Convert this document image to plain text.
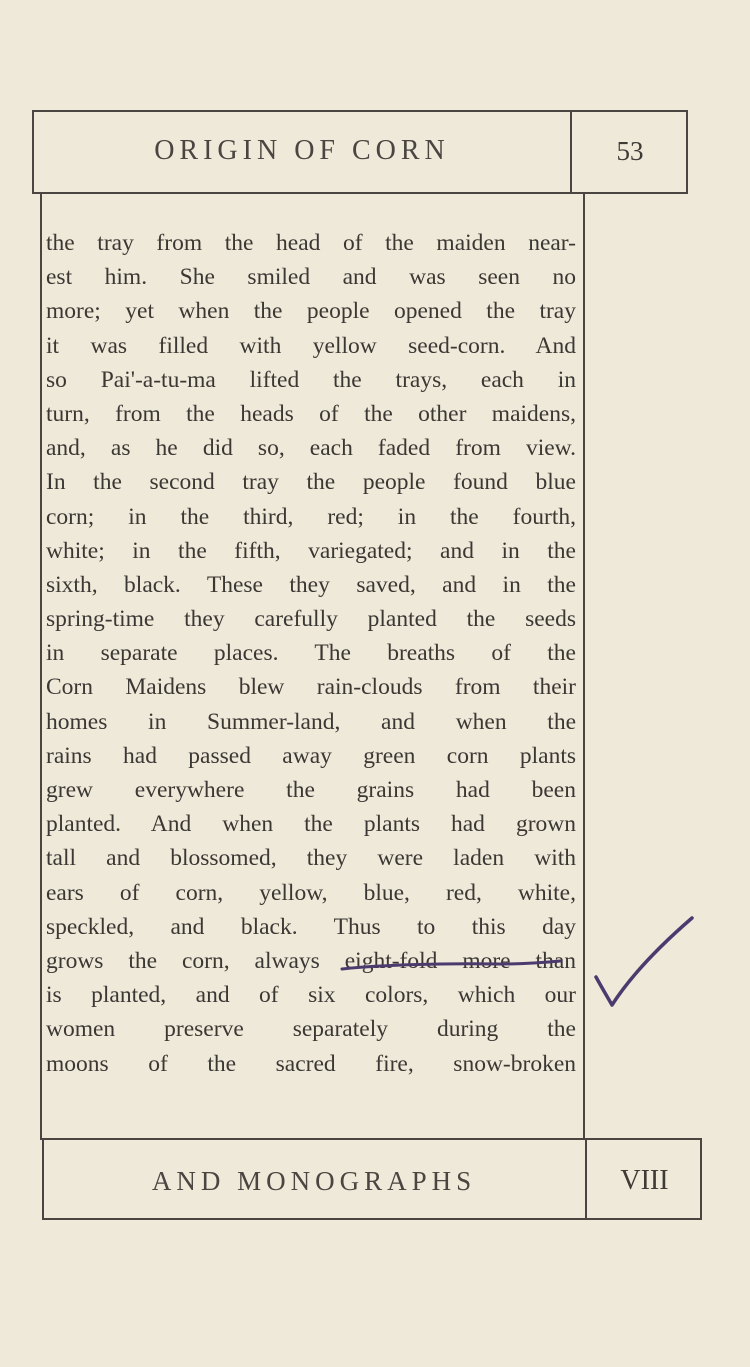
ORIGIN OF CORN	53
the tray from the head of the maiden near-
est him. She smiled and was seen no
more; yet when the people opened the tray
it was filled with yellow seed-corn. And
so Pai'-a-tu-ma lifted the trays, each in
turn, from the heads of the other maidens,
and, as he did so, each faded from view.
In the second tray the people found blue
corn; in the third, red; in the fourth,
white; in the fifth, variegated; and in the
sixth, black. These they saved, and in the
spring-time they carefully planted the seeds
in separate places. The breaths of the
Corn Maidens blew rain-clouds from their
homes in Summer-land, and when the
rains had passed away green corn plants
grew everywhere the grains had been
planted. And when the plants had grown
tall and blossomed, they were laden with
ears of corn, yellow, blue, red, white,
speckled, and black. Thus to this day
grows the corn, always eight-fold more than
is planted, and of six colors, which our
women preserve separately during the
moons of the sacred fire, snow-broken
AND MONOGRAPHS	VIII
